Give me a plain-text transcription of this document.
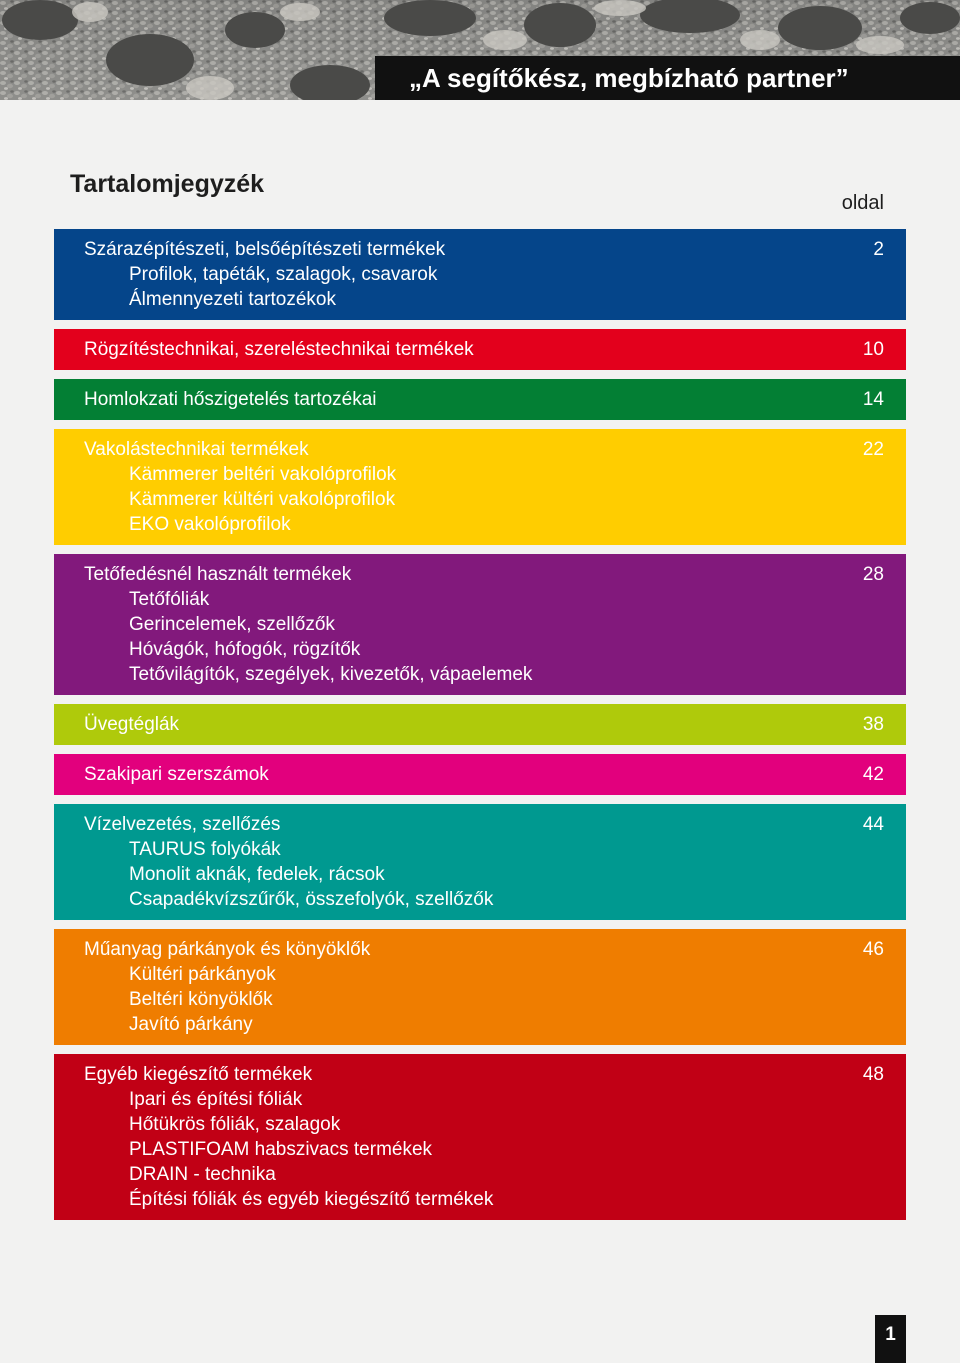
„A segítőkész, megbízható partner”
Tartalomjegyzék
oldal
Szárazépítészeti, belsőépítészeti termékek	2
Profilok, tapéták, szalagok, csavarok
Álmennyezeti tartozékok
Rögzítéstechnikai, szereléstechnikai termékek	10
Homlokzati hőszigetelés tartozékai	14
Vakolástechnikai termékek	22
Kämmerer beltéri vakolóprofilok
Kämmerer kültéri vakolóprofilok
EKO vakolóprofilok
Tetőfedésnél használt termékek	28
Tetőfóliák
Gerincelemek, szellőzők
Hóvágók, hófogók, rögzítők
Tetővilágítók, szegélyek, kivezetők, vápaelemek
Üvegtéglák	38
Szakipari szerszámok	42
Vízelvezetés, szellőzés	44
TAURUS folyókák
Monolit aknák, fedelek, rácsok
Csapadékvízszűrők, összefolyók, szellőzők
Műanyag párkányok és könyöklők	46
Kültéri párkányok
Beltéri könyöklők
Javító párkány
Egyéb kiegészítő termékek	48
Ipari és építési fóliák
Hőtükrös fóliák, szalagok
PLASTIFOAM habszivacs termékek
DRAIN - technika
Építési fóliák és egyéb kiegészítő termékek
1
